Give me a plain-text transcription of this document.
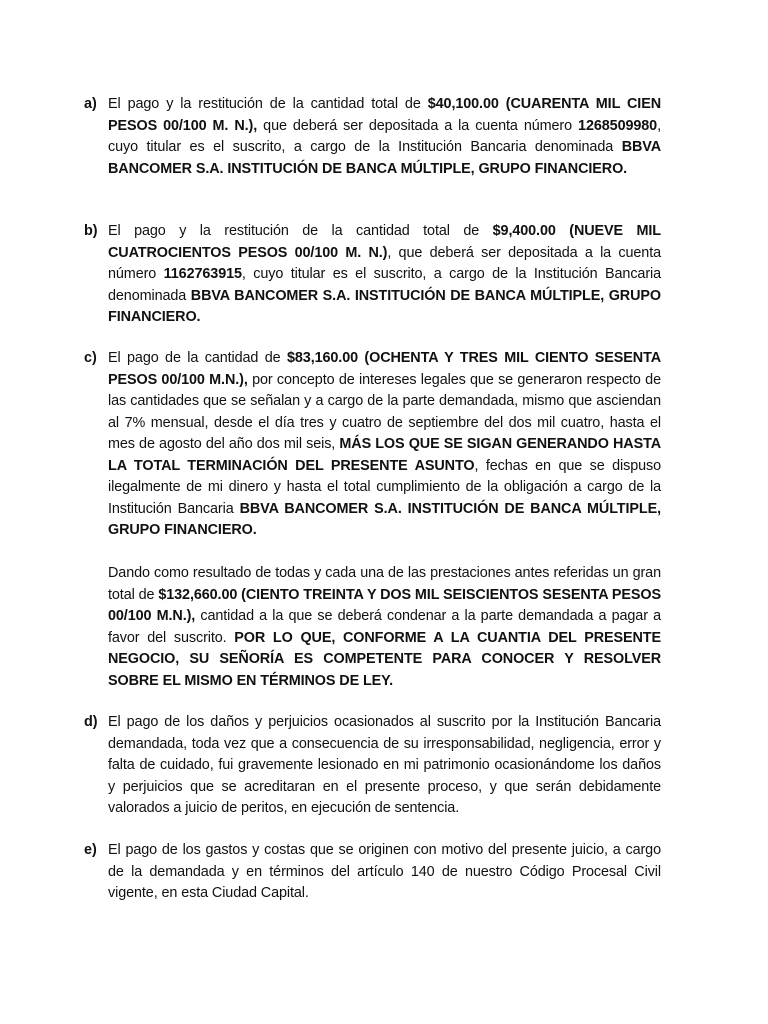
a) El pago y la restitución de la cantidad total de $40,100.00 (CUARENTA MIL CIEN PESOS 00/100 M. N.), que deberá ser depositada a la cuenta número 1268509980, cuyo titular es el suscrito, a cargo de la Institución Bancaria denominada BBVA BANCOMER S.A. INSTITUCIÓN DE BANCA MÚLTIPLE, GRUPO FINANCIERO.
b) El pago y la restitución de la cantidad total de $9,400.00 (NUEVE MIL CUATROCIENTOS PESOS 00/100 M. N.), que deberá ser depositada a la cuenta número 1162763915, cuyo titular es el suscrito, a cargo de la Institución Bancaria denominada BBVA BANCOMER S.A. INSTITUCIÓN DE BANCA MÚLTIPLE, GRUPO FINANCIERO.
c) El pago de la cantidad de $83,160.00 (OCHENTA Y TRES MIL CIENTO SESENTA PESOS 00/100 M.N.), por concepto de intereses legales que se generaron respecto de las cantidades que se señalan y a cargo de la parte demandada, mismo que asciendan al 7% mensual, desde el día tres y cuatro de septiembre del dos mil cuatro, hasta el mes de agosto del año dos mil seis, MÁS LOS QUE SE SIGAN GENERANDO HASTA LA TOTAL TERMINACIÓN DEL PRESENTE ASUNTO, fechas en que se dispuso ilegalmente de mi dinero y hasta el total cumplimiento de la obligación a cargo de la Institución Bancaria BBVA BANCOMER S.A. INSTITUCIÓN DE BANCA MÚLTIPLE, GRUPO FINANCIERO.
Dando como resultado de todas y cada una de las prestaciones antes referidas un gran total de $132,660.00 (CIENTO TREINTA Y DOS MIL SEISCIENTOS SESENTA PESOS 00/100 M.N.), cantidad a la que se deberá condenar a la parte demandada a pagar a favor del suscrito. POR LO QUE, CONFORME A LA CUANTIA DEL PRESENTE NEGOCIO, SU SEÑORÍA ES COMPETENTE PARA CONOCER Y RESOLVER SOBRE EL MISMO EN TÉRMINOS DE LEY.
d) El pago de los daños y perjuicios ocasionados al suscrito por la Institución Bancaria demandada, toda vez que a consecuencia de su irresponsabilidad, negligencia, error y falta de cuidado, fui gravemente lesionado en mi patrimonio ocasionándome los daños y perjuicios que se acreditaran en el presente proceso, y que serán debidamente valorados a juicio de peritos, en ejecución de sentencia.
e) El pago de los gastos y costas que se originen con motivo del presente juicio, a cargo de la demandada y en términos del artículo 140 de nuestro Código Procesal Civil vigente, en esta Ciudad Capital.
